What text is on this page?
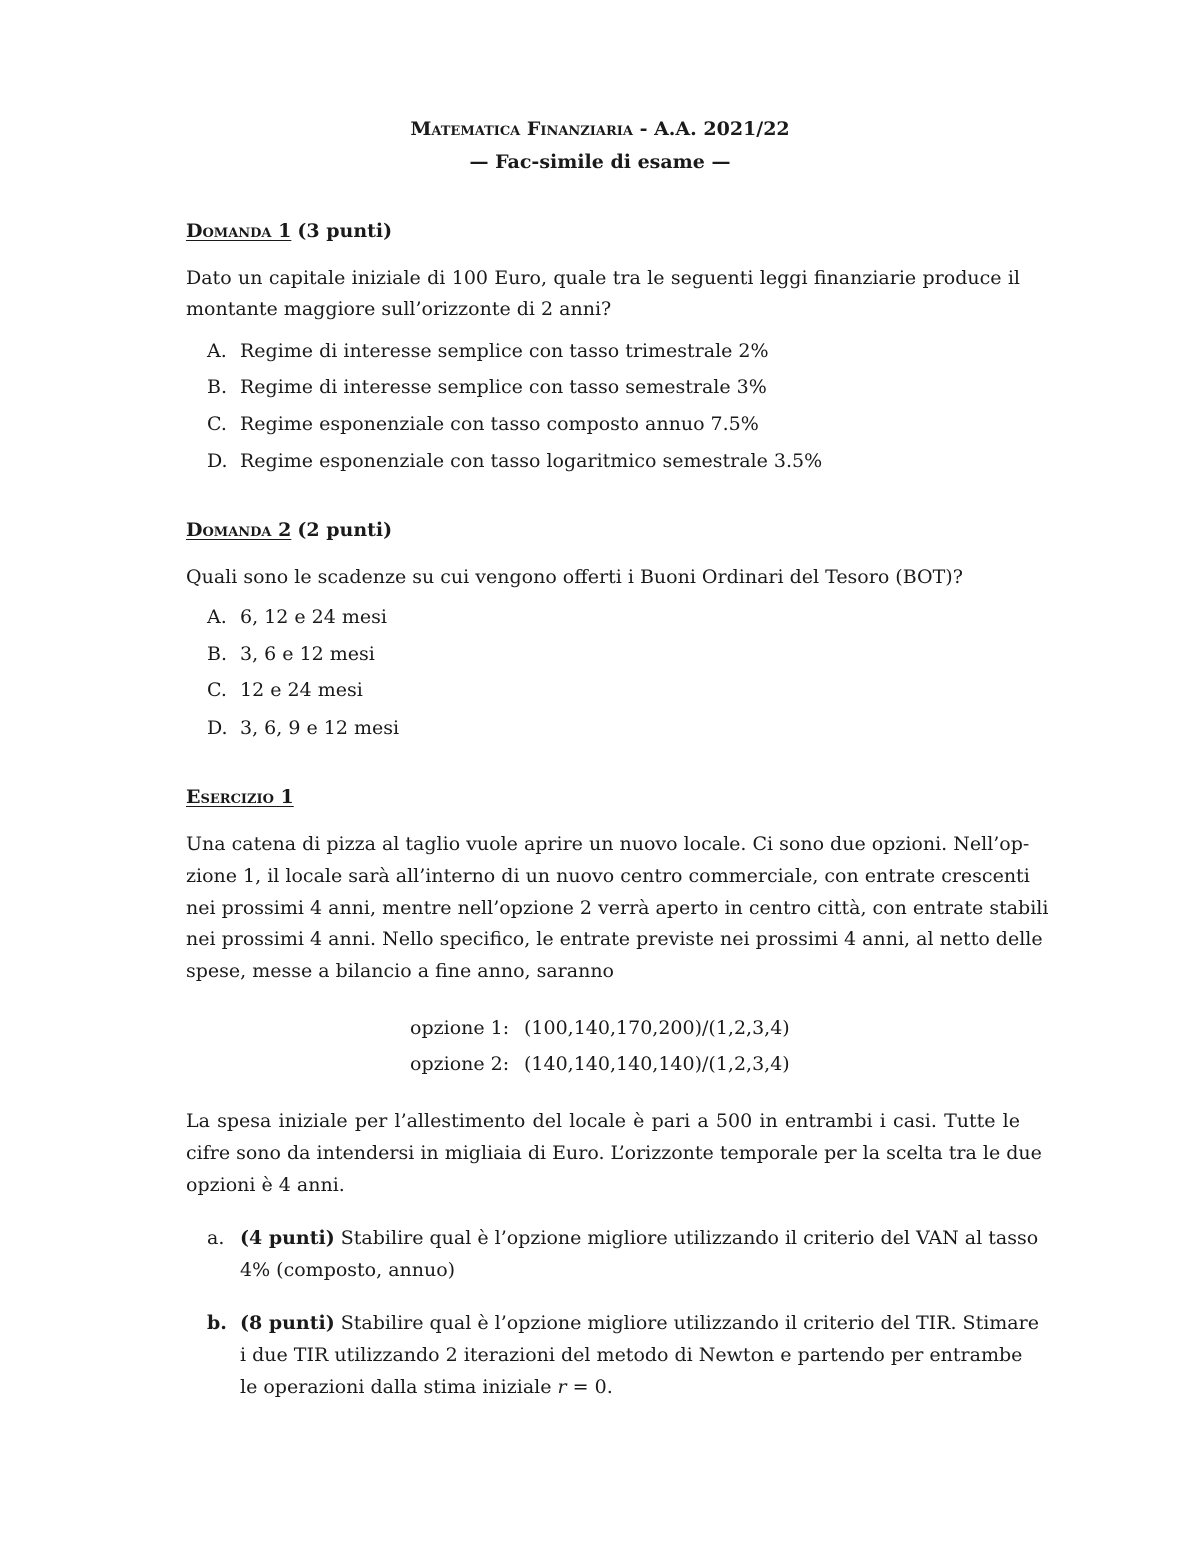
Matematica Finanziaria - A.A. 2021/22
— Fac-simile di esame —
Domanda 1 (3 punti)
Dato un capitale iniziale di 100 Euro, quale tra le seguenti leggi finanziarie produce il
montante maggiore sull’orizzonte di 2 anni?
A. Regime di interesse semplice con tasso trimestrale 2%
B. Regime di interesse semplice con tasso semestrale 3%
C. Regime esponenziale con tasso composto annuo 7.5%
D. Regime esponenziale con tasso logaritmico semestrale 3.5%
Domanda 2 (2 punti)
Quali sono le scadenze su cui vengono offerti i Buoni Ordinari del Tesoro (BOT)?
A. 6, 12 e 24 mesi
B. 3, 6 e 12 mesi
C. 12 e 24 mesi
D. 3, 6, 9 e 12 mesi
Esercizio 1
Una catena di pizza al taglio vuole aprire un nuovo locale. Ci sono due opzioni. Nell’op-
zione 1, il locale sarà all’interno di un nuovo centro commerciale, con entrate crescenti
nei prossimi 4 anni, mentre nell’opzione 2 verrà aperto in centro città, con entrate stabili
nei prossimi 4 anni. Nello specifico, le entrate previste nei prossimi 4 anni, al netto delle
spese, messe a bilancio a fine anno, saranno
opzione 1: (100,140,170,200)/(1,2,3,4)
opzione 2: (140,140,140,140)/(1,2,3,4)
La spesa iniziale per l’allestimento del locale è pari a 500 in entrambi i casi. Tutte le
cifre sono da intendersi in migliaia di Euro. L’orizzonte temporale per la scelta tra le due
opzioni è 4 anni.
a. (4 punti) Stabilire qual è l’opzione migliore utilizzando il criterio del VAN al tasso
4% (composto, annuo)
b. (8 punti) Stabilire qual è l’opzione migliore utilizzando il criterio del TIR. Stimare
i due TIR utilizzando 2 iterazioni del metodo di Newton e partendo per entrambe
le operazioni dalla stima iniziale r = 0.
